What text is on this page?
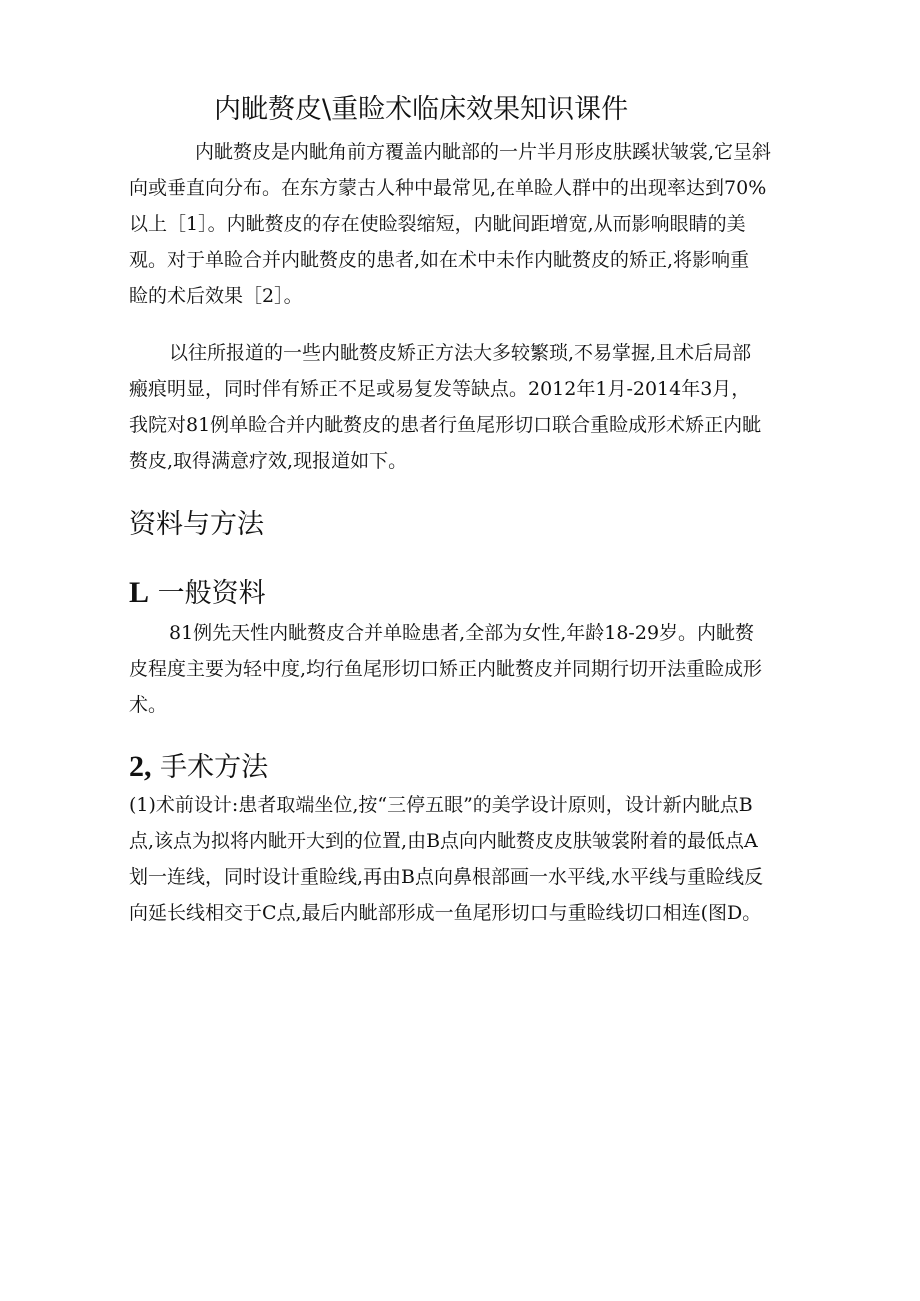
内眦赘皮\重睑术临床效果知识课件
内眦赘皮是内眦角前方覆盖内眦部的一片半月形皮肤蹊状皱裳,它呈斜
向或垂直向分布。在东方蒙古人种中最常见,在单睑人群中的出现率达到70%
以上［1］。内眦赘皮的存在使睑裂缩短，内眦间距增宽,从而影响眼睛的美
观。对于单睑合并内眦赘皮的患者,如在术中未作内眦赘皮的矫正,将影响重
睑的术后效果［2］。
以往所报道的一些内眦赘皮矫正方法大多较繁琐,不易掌握,且术后局部
瘢痕明显，同时伴有矫正不足或易复发等缺点。2012年1月-2014年3月，
我院对81例单睑合并内眦赘皮的患者行鱼尾形切口联合重睑成形术矫正内眦
赘皮,取得满意疗效,现报道如下。
资料与方法
L 一般资料
81例先天性内眦赘皮合并单睑患者,全部为女性,年龄18-29岁。内眦赘
皮程度主要为轻中度,均行鱼尾形切口矫正内眦赘皮并同期行切开法重睑成形
术。
2, 手术方法
(1)术前设计:患者取端坐位,按“三停五眼”的美学设计原则，设计新内眦点B
点,该点为拟将内眦开大到的位置,由B点向内眦赘皮皮肤皱裳附着的最低点A
划一连线，同时设计重睑线,再由B点向鼻根部画一水平线,水平线与重睑线反
向延长线相交于C点,最后内眦部形成一鱼尾形切口与重睑线切口相连(图D。
